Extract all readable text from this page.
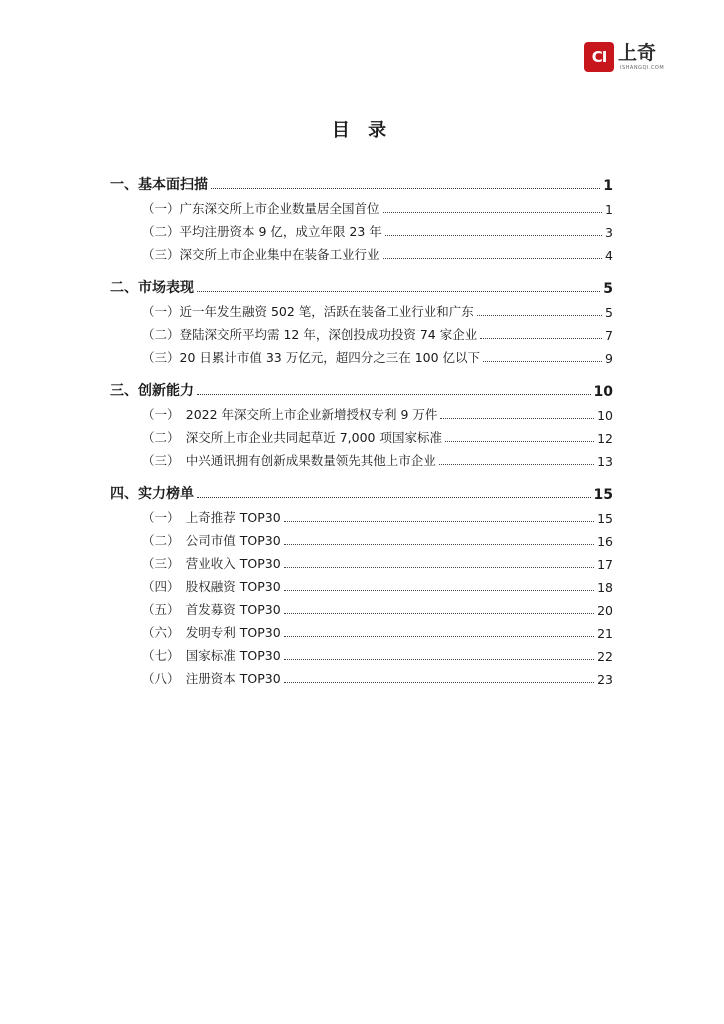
CI 上奇
ISHANGQI.COM
目 录
一、基本面扫描	1
（一）广东深交所上市企业数量居全国首位	1
（二）平均注册资本 9 亿，成立年限 23 年	3
（三）深交所上市企业集中在装备工业行业	4
二、市场表现	5
（一）近一年发生融资 502 笔，活跃在装备工业行业和广东	5
（二）登陆深交所平均需 12 年，深创投成功投资 74 家企业	7
（三）20 日累计市值 33 万亿元，超四分之三在 100 亿以下	9
三、创新能力	10
（一）　2022 年深交所上市企业新增授权专利 9 万件	10
（二）　深交所上市企业共同起草近 7,000 项国家标准	12
（三）　中兴通讯拥有创新成果数量领先其他上市企业	13
四、实力榜单	15
（一）　上奇推荐 TOP30	15
（二）　公司市值 TOP30	16
（三）　营业收入 TOP30	17
（四）　股权融资 TOP30	18
（五）　首发募资 TOP30	20
（六）　发明专利 TOP30	21
（七）　国家标准 TOP30	22
（八）　注册资本 TOP30	23
